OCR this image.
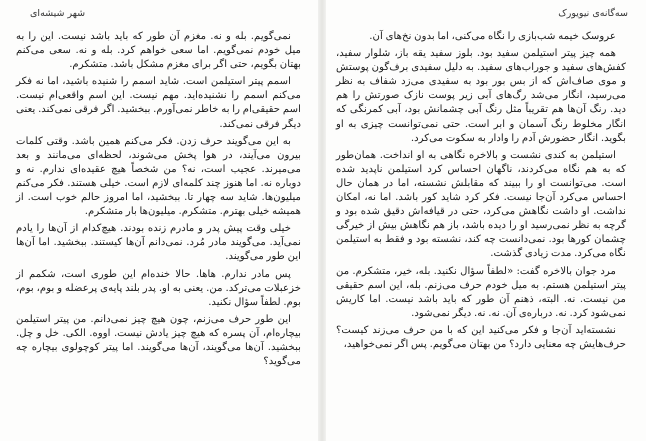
شهر شیشه‌ای

نمی‌گویم. بله و نه. مغزم آن طور که باید باشد نیست. این را به میل خودم نمی‌گویم. اما سعی خواهم کرد. بله و نه. سعی می‌کنم بهتان بگویم، حتی اگر برای مغزم مشکل باشد. متشکرم.

اسمم پیتر استیلمن است. شاید اسمم را شنیده باشید، اما نه فکر می‌کنم اسمم را نشنیده‌اید. مهم نیست. این اسم واقعی‌ام نیست. اسم حقیقی‌ام را به خاطر نمی‌آورم. ببخشید. اگر فرقی نمی‌کند. یعنی دیگر فرقی نمی‌کند.

به این می‌گویند حرف زدن. فکر می‌کنم همین باشد. وقتی کلمات بیرون می‌آیند، در هوا پخش می‌شوند، لحظه‌ای می‌مانند و بعد می‌میرند. عجیب است، نه؟ من شخصاً هیچ عقیده‌ای ندارم. نه و دوباره نه. اما هنوز چند کلمه‌ای لازم است. خیلی هستند. فکر می‌کنم میلیون‌ها. شاید سه چهار تا. ببخشید، اما امروز حالم خوب است. از همیشه خیلی بهترم. متشکرم. میلیون‌ها بار متشکرم.

خیلی وقت پیش پدر و مادرم زنده بودند. هیچ‌کدام از آن‌ها را یادم نمی‌آید. می‌گویند مادر مُرد. نمی‌دانم آن‌ها کیستند. ببخشید. اما آن‌ها این طور می‌گویند.

پس مادر ندارم. هاها. حالا خنده‌ام این طوری است، شکمم از خزعبلات می‌ترکد. من. یعنی به او. پدر بلند پایه‌ی پرعضله و بوم، بوم، بوم. لطفاً سؤال نکنید.

این طور حرف می‌زنم، چون هیچ چیز نمی‌دانم. من پیتر استیلمن بیچاره‌ام، آن پسره که هیچ چیز یادش نیست. اووه. الکی. خل و چل. ببخشید. آن‌ها می‌گویند، آن‌ها می‌گویند. اما پیتر کوچولوی بیچاره چه می‌گوید؟

سه‌گانه‌ی نیویورک

عروسک خیمه شب‌بازی را نگاه می‌کنی، اما بدون نخ‌های آن.

همه چیز پیتر استیلمن سفید بود. بلوز سفید یقه باز، شلوار سفید، کفش‌های سفید و جوراب‌های سفید. به دلیل سفیدی برف‌گون پوستش و موی صاف‌اش که از بس بور بود به سفیدی می‌زد شفاف به نظر می‌رسید، انگار می‌شد رگ‌های آبی زیر پوست نازک صورتش را هم دید. رنگ آن‌ها هم تقریباً مثل رنگ آبی چشمانش بود، آبی کمرنگی که انگار مخلوط رنگ آسمان و ابر است. حتی نمی‌توانست چیزی به او بگوید. انگار حضورش آدم را وادار به سکوت می‌کرد.

استیلمن به کندی نشست و بالاخره نگاهی به او انداخت. همان‌طور که به هم نگاه می‌کردند، ناگهان احساس کرد استیلمن ناپدید شده است. می‌توانست او را ببیند که مقابلش نشسته، اما در همان حال احساس می‌کرد آن‌جا نیست. فکر کرد شاید کور باشد. اما نه، امکان نداشت. او داشت نگاهش می‌کرد، حتی در قیافه‌اش دقیق شده بود و گرچه به نظر نمی‌رسید او را دیده باشد، باز هم نگاهش بیش از خیرگی چشمان کورها بود. نمی‌دانست چه کند، نشسته بود و فقط به استیلمن نگاه می‌کرد. مدت زیادی گذشت.

مرد جوان بالاخره گفت: «لطفاً سؤال نکنید. بله، خیر، متشکرم. من پیتر استیلمن هستم. به میل خودم حرف می‌زنم. بله، این اسم حقیقی من نیست. نه. البته، ذهنم آن طور که باید باشد نیست. اما کاریش نمی‌شود کرد. نه. درباره‌ی آن. نه. نه. دیگر نمی‌شود.

نشسته‌اید آن‌جا و فکر می‌کنید این که با من حرف می‌زند کیست؟ حرف‌هایش چه معنایی دارد؟ من بهتان می‌گویم. پس اگر نمی‌خواهید،
